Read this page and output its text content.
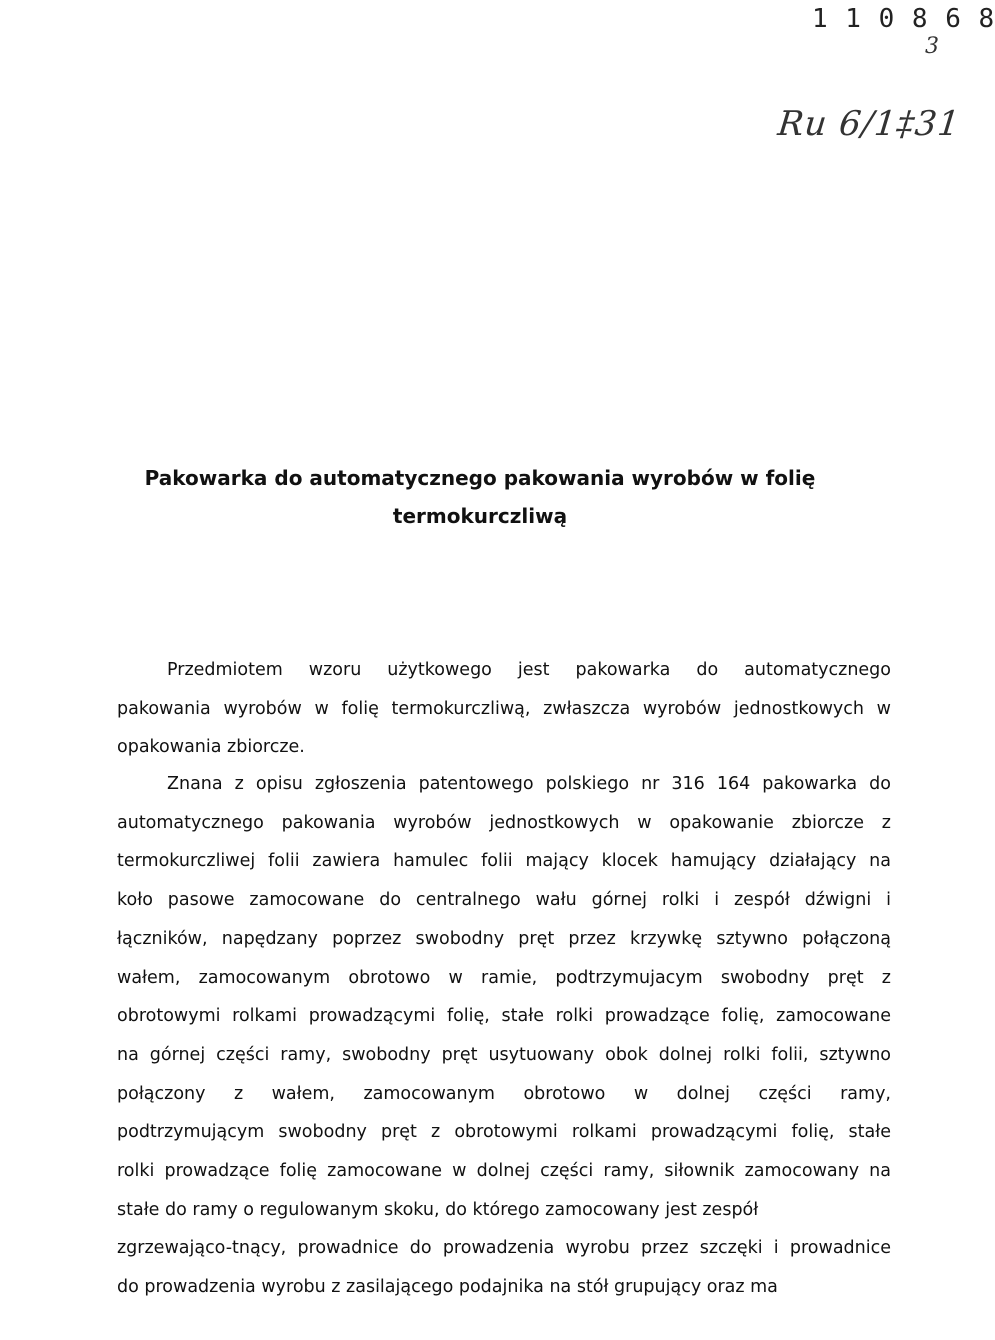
1 1 0 8 6 8
3
Ru 6/1‡31
Pakowarka do automatycznego pakowania wyrobów w folię
termokurczliwą
Przedmiotem wzoru użytkowego jest pakowarka do automatycznego
pakowania wyrobów w folię termokurczliwą, zwłaszcza wyrobów jednostkowych w
opakowania zbiorcze.
Znana z opisu zgłoszenia patentowego polskiego nr 316 164 pakowarka do
automatycznego pakowania wyrobów jednostkowych w opakowanie zbiorcze z
termokurczliwej folii zawiera hamulec folii mający klocek hamujący działający na
koło pasowe zamocowane do centralnego wału górnej rolki i zespół dźwigni i
łączników, napędzany poprzez swobodny pręt przez krzywkę sztywno połączoną
wałem, zamocowanym obrotowo w ramie, podtrzymujacym swobodny pręt z
obrotowymi rolkami prowadzącymi folię, stałe rolki prowadzące folię, zamocowane
na górnej części ramy, swobodny pręt usytuowany obok dolnej rolki folii, sztywno
połączony z wałem, zamocowanym obrotowo w dolnej części ramy,
podtrzymującym swobodny pręt z obrotowymi rolkami prowadzącymi folię, stałe
rolki prowadzące folię zamocowane w dolnej części ramy, siłownik zamocowany na
stałe do ramy o regulowanym skoku, do którego zamocowany jest zespół
zgrzewająco-tnący, prowadnice do prowadzenia wyrobu przez szczęki i prowadnice
do prowadzenia wyrobu z zasilającego podajnika na stół grupujący oraz ma
